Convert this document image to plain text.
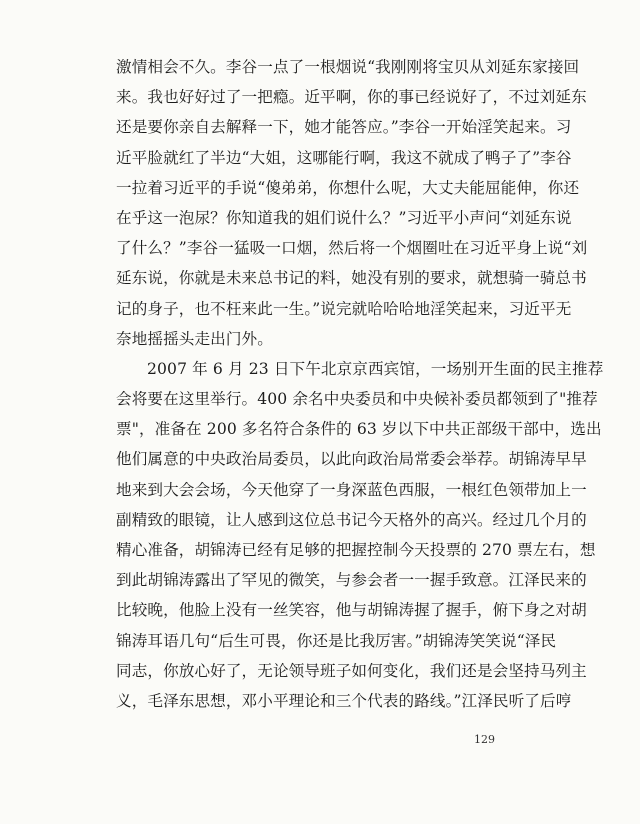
激情相会不久。李谷一点了一根烟说“我刚刚将宝贝从刘延东家接回
来。我也好好过了一把瘾。近平啊，你的事已经说好了，不过刘延东
还是要你亲自去解释一下，她才能答应。”李谷一开始淫笑起来。习
近平脸就红了半边“大姐，这哪能行啊，我这不就成了鸭子了”李谷
一拉着习近平的手说“傻弟弟，你想什么呢，大丈夫能屈能伸，你还
在乎这一泡尿？你知道我的姐们说什么？”习近平小声问“刘延东说
了什么？”李谷一猛吸一口烟，然后将一个烟圈吐在习近平身上说“刘
延东说，你就是未来总书记的料，她没有别的要求，就想骑一骑总书
记的身子，也不枉来此一生。”说完就哈哈哈地淫笑起来，习近平无
奈地摇摇头走出门外。
2007 年 6 月 23 日下午北京京西宾馆，一场别开生面的民主推荐
会将要在这里举行。400 余名中央委员和中央候补委员都领到了"推荐
票"，准备在 200 多名符合条件的 63 岁以下中共正部级干部中，选出
他们属意的中央政治局委员，以此向政治局常委会举荐。胡锦涛早早
地来到大会会场，今天他穿了一身深蓝色西服，一根红色领带加上一
副精致的眼镜，让人感到这位总书记今天格外的高兴。经过几个月的
精心准备，胡锦涛已经有足够的把握控制今天投票的 270 票左右，想
到此胡锦涛露出了罕见的微笑，与参会者一一握手致意。江泽民来的
比较晚，他脸上没有一丝笑容，他与胡锦涛握了握手，俯下身之对胡
锦涛耳语几句“后生可畏，你还是比我厉害。”胡锦涛笑笑说“泽民
同志，你放心好了，无论领导班子如何变化，我们还是会坚持马列主
义，毛泽东思想，邓小平理论和三个代表的路线。”江泽民听了后哼
129
